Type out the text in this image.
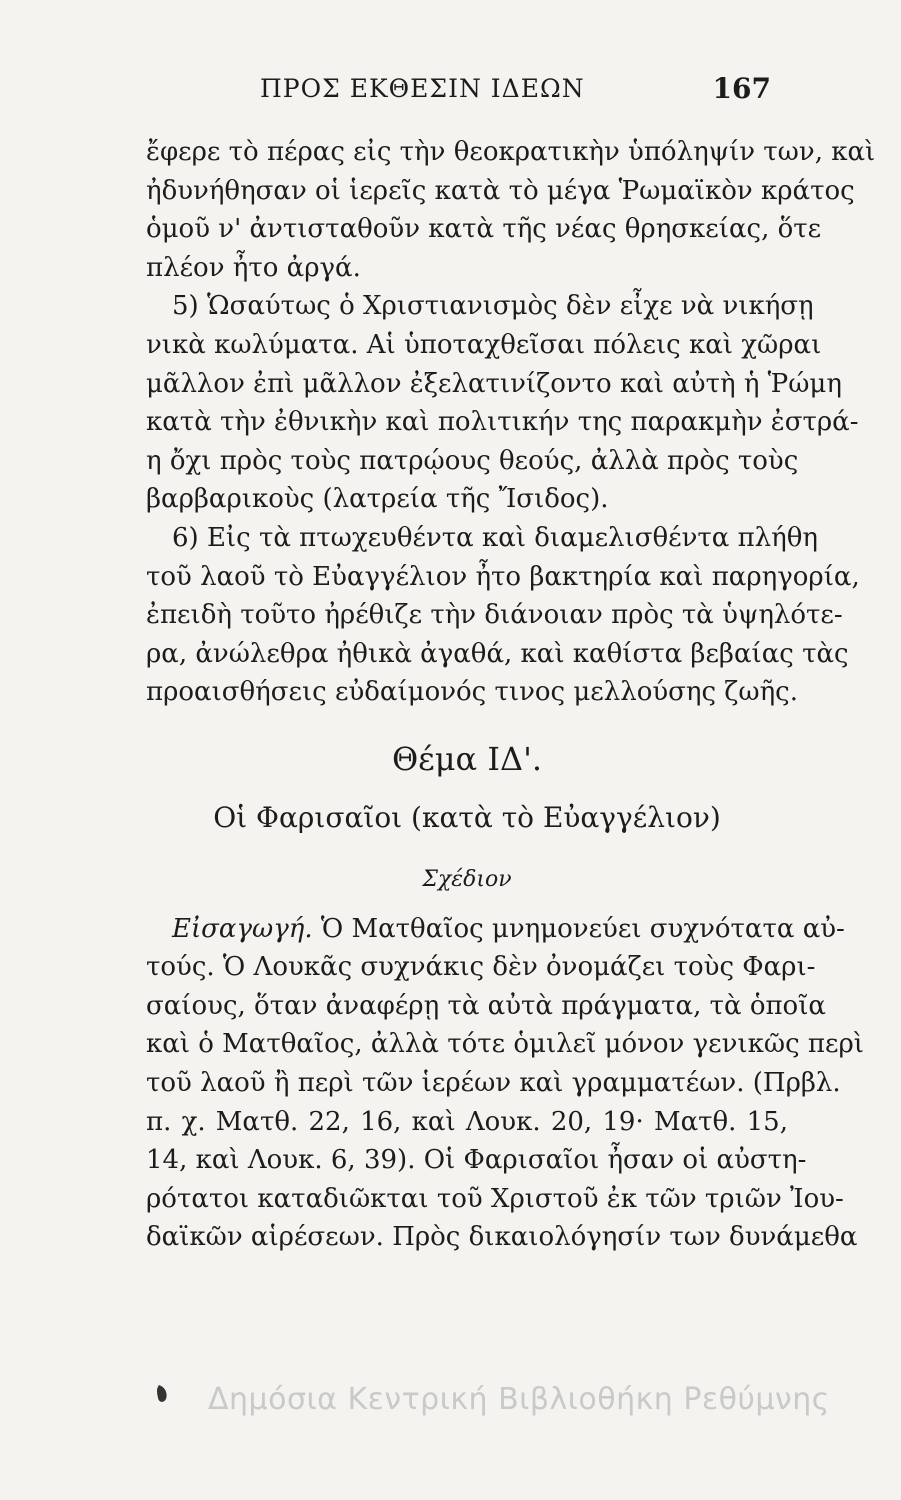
ΠΡΟΣ ΕΚΘΕΣΙΝ ΙΔΕΩΝ	167
ἔφερε τὸ πέρας εἰς τὴν θεοκρατικὴν ὑπόληψίν των, καὶ
ἠδυνήθησαν οἱ ἱερεῖς κατὰ τὸ μέγα Ῥωμαϊκὸν κράτος
ὁμοῦ ν' ἀντισταθοῦν κατὰ τῆς νέας θρησκείας, ὅτε
πλέον ἦτο ἀργά.
5) Ὡσαύτως ὁ Χριστιανισμὸς δὲν εἶχε νὰ νικήσῃ
νικὰ κωλύματα. Αἱ ὑποταχθεῖσαι πόλεις καὶ χῶραι
μᾶλλον ἐπὶ μᾶλλον ἐξελατινίζοντο καὶ αὐτὴ ἡ Ῥώμη
κατὰ τὴν ἐθνικὴν καὶ πολιτικήν της παρακμὴν ἐστρά-
η ὄχι πρὸς τοὺς πατρῴους θεούς, ἀλλὰ πρὸς τοὺς
βαρβαρικοὺς (λατρεία τῆς Ἴσιδος).
6) Εἰς τὰ πτωχευθέντα καὶ διαμελισθέντα πλήθη
τοῦ λαοῦ τὸ Εὐαγγέλιον ἦτο βακτηρία καὶ παρηγορία,
ἐπειδὴ τοῦτο ἠρέθιζε τὴν διάνοιαν πρὸς τὰ ὑψηλότε-
ρα, ἀνώλεθρα ἠθικὰ ἀγαθά, καὶ καθίστα βεβαίας τὰς
προαισθήσεις εὐδαίμονός τινος μελλούσης ζωῆς.
Θέμα ΙΔ'.
Οἱ Φαρισαῖοι (κατὰ τὸ Εὐαγγέλιον)
Σχέδιον
Εἰσαγωγή. Ὁ Ματθαῖος μνημονεύει συχνότατα αὐ-
τούς. Ὁ Λουκᾶς συχνάκις δὲν ὀνομάζει τοὺς Φαρι-
σαίους, ὅταν ἀναφέρῃ τὰ αὐτὰ πράγματα, τὰ ὁποῖα
καὶ ὁ Ματθαῖος, ἀλλὰ τότε ὁμιλεῖ μόνον γενικῶς περὶ
τοῦ λαοῦ ἢ περὶ τῶν ἱερέων καὶ γραμματέων. (Πρβλ.
π. χ. Ματθ. 22, 16, καὶ Λουκ. 20, 19· Ματθ. 15,
14, καὶ Λουκ. 6, 39). Οἱ Φαρισαῖοι ἦσαν οἱ αὐστη-
ρότατοι καταδιῶκται τοῦ Χριστοῦ ἐκ τῶν τριῶν Ἰου-
δαϊκῶν αἱρέσεων. Πρὸς δικαιολόγησίν των δυνάμεθα
Δημόσια Κεντρική Βιβλιοθήκη Ρεθύμνης
